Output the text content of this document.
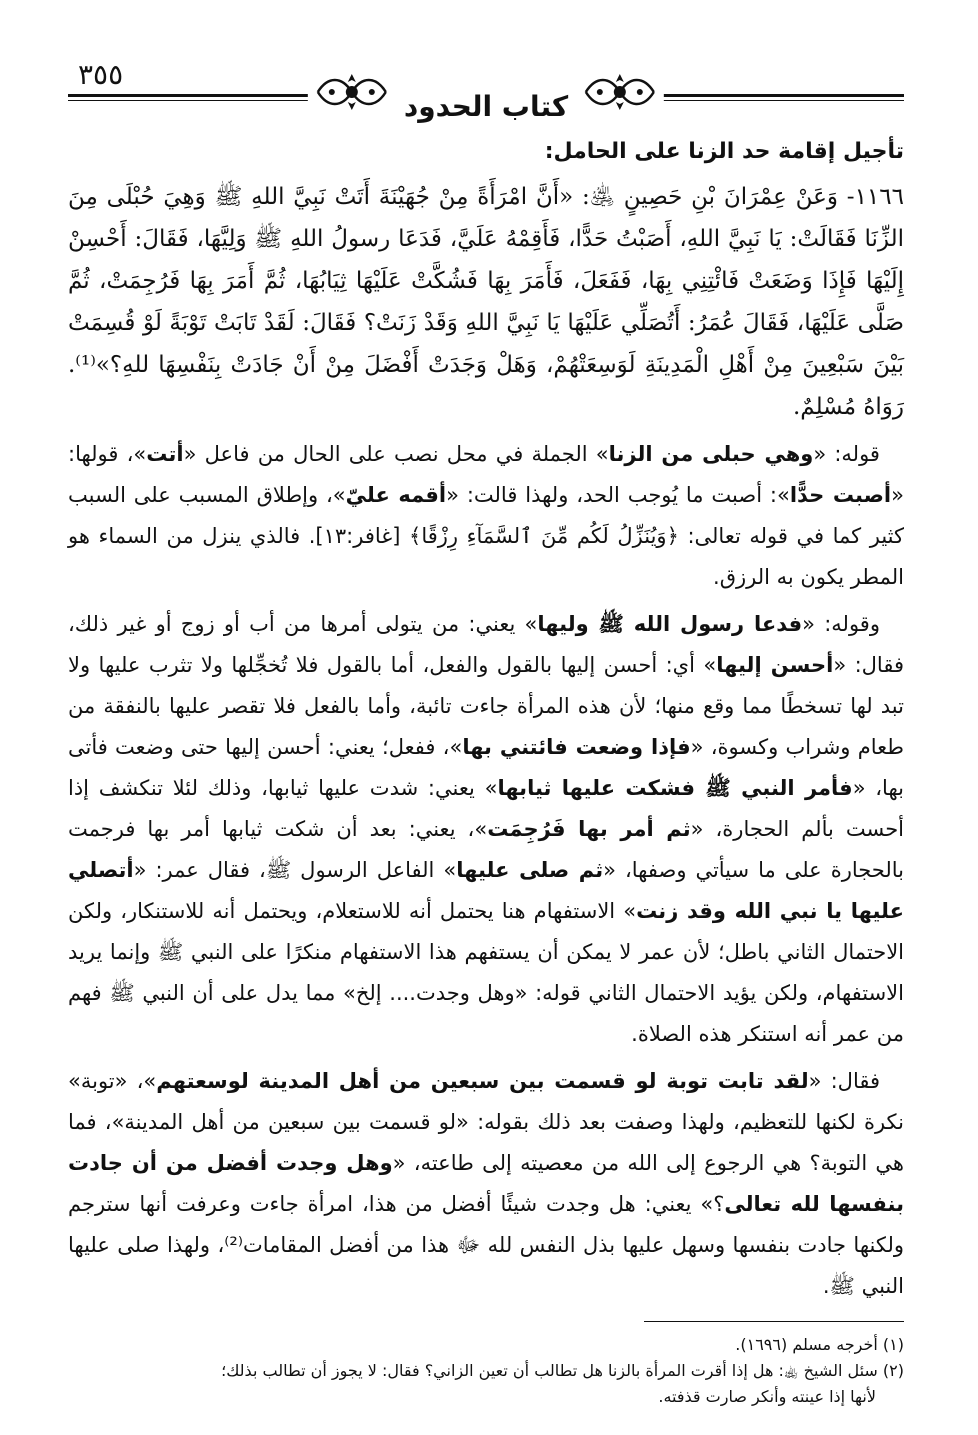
٣٥٥
كتاب الحدود
تأجيل إقامة حد الزنا على الحامل:

١١٦٦- وَعَنْ عِمْرَانَ بْنِ حَصِينٍ ﵁: «أَنَّ امْرَأَةً مِنْ جُهَيْنَةَ أَتَتْ نَبِيَّ اللهِ ﷺ وَهِيَ حُبْلَى مِنَ الزِّنَا فَقَالَتْ: يَا نَبِيَّ اللهِ، أَصَبْتُ حَدًّا، فَأَقِمْهُ عَلَيَّ، فَدَعَا رسولُ اللهِ ﷺ وَلِيَّهَا، فَقَالَ: أَحْسِنْ إِلَيْهَا فَإِذَا وَضَعَتْ فَائْتِنِي بِهَا، فَفَعَلَ، فَأَمَرَ بِهَا فَشُكَّتْ عَلَيْهَا ثِيَابُهَا، ثُمَّ أَمَرَ بِهَا فَرُجِمَتْ، ثُمَّ صَلَّى عَلَيْهَا، فَقَالَ عُمَرُ: أَتُصَلِّي عَلَيْهَا يَا نَبِيَّ اللهِ وَقَدْ زَنَتْ؟ فَقَالَ: لَقَدْ تَابَتْ تَوْبَةً لَوْ قُسِمَتْ بَيْنَ سَبْعِينَ مِنْ أَهْلِ الْمَدِينَةِ لَوَسِعَتْهُمْ، وَهَلْ وَجَدَتْ أَفْضَلَ مِنْ أَنْ جَادَتْ بِنَفْسِهَا للهِ؟»⁽¹⁾. رَوَاهُ مُسْلِمٌ.

قوله: «وهي حبلى من الزنا» الجملة في محل نصب على الحال من فاعل «أتت»، قولها: «أصبت حدًّا»: أصبت ما يُوجب الحد، ولهذا قالت: «أقمه عليّ»، وإطلاق المسبب على السبب كثير كما في قوله تعالى: ﴿وَيُنَزِّلُ لَكُم مِّنَ ٱلسَّمَآءِ رِزْقًا﴾ [غافر:١٣]. فالذي ينزل من السماء هو المطر يكون به الرزق.

وقوله: «فدعا رسول الله ﷺ وليها» يعني: من يتولى أمرها من أب أو زوج أو غير ذلك، فقال: «أحسن إليها» أي: أحسن إليها بالقول والفعل، أما بالقول فلا تُخجِّلها ولا تثرب عليها ولا تبد لها تسخطًا مما وقع منها؛ لأن هذه المرأة جاءت تائبة، وأما بالفعل فلا تقصر عليها بالنفقة من طعام وشراب وكسوة، «فإذا وضعت فائتني بها»، ففعل؛ يعني: أحسن إليها حتى وضعت فأتى بها، «فأمر النبي ﷺ فشكت عليها ثيابها» يعني: شدت عليها ثيابها، وذلك لئلا تنكشف إذا أحست بألم الحجارة، «ثم أمر بها فَرُجِمَت»، يعني: بعد أن شكت ثيابها أمر بها فرجمت بالحجارة على ما سيأتي وصفها، «ثم صلى عليها» الفاعل الرسول ﷺ، فقال عمر: «أتصلي عليها يا نبي الله وقد زنت» الاستفهام هنا يحتمل أنه للاستعلام، ويحتمل أنه للاستنكار، ولكن الاحتمال الثاني باطل؛ لأن عمر لا يمكن أن يستفهم هذا الاستفهام منكرًا على النبي ﷺ وإنما يريد الاستفهام، ولكن يؤيد الاحتمال الثاني قوله: «وهل وجدت.... إلخ» مما يدل على أن النبي ﷺ فهم من عمر أنه استنكر هذه الصلاة.

فقال: «لقد تابت توبة لو قسمت بين سبعين من أهل المدينة لوسعتهم»، «توبة» نكرة لكنها للتعظيم، ولهذا وصفت بعد ذلك بقوله: «لو قسمت بين سبعين من أهل المدينة»، فما هي التوبة؟ هي الرجوع إلى الله من معصيته إلى طاعته، «وهل وجدت أفضل من أن جادت بنفسها لله تعالى؟» يعني: هل وجدت شيئًا أفضل من هذا، امرأة جاءت وعرفت أنها سترجم ولكنها جادت بنفسها وسهل عليها بذل النفس لله ﷻ هذا من أفضل المقامات⁽²⁾، ولهذا صلى عليها النبي ﷺ.

(١) أخرجه مسلم (١٦٩٦).

(٢) سئل الشيخ ﵀: هل إذا أقرت المرأة بالزنا هل تطالب أن تعين الزاني؟ فقال: لا يجوز أن تطالب بذلك؛

لأنها إذا عينته وأنكر صارت قذفته.
